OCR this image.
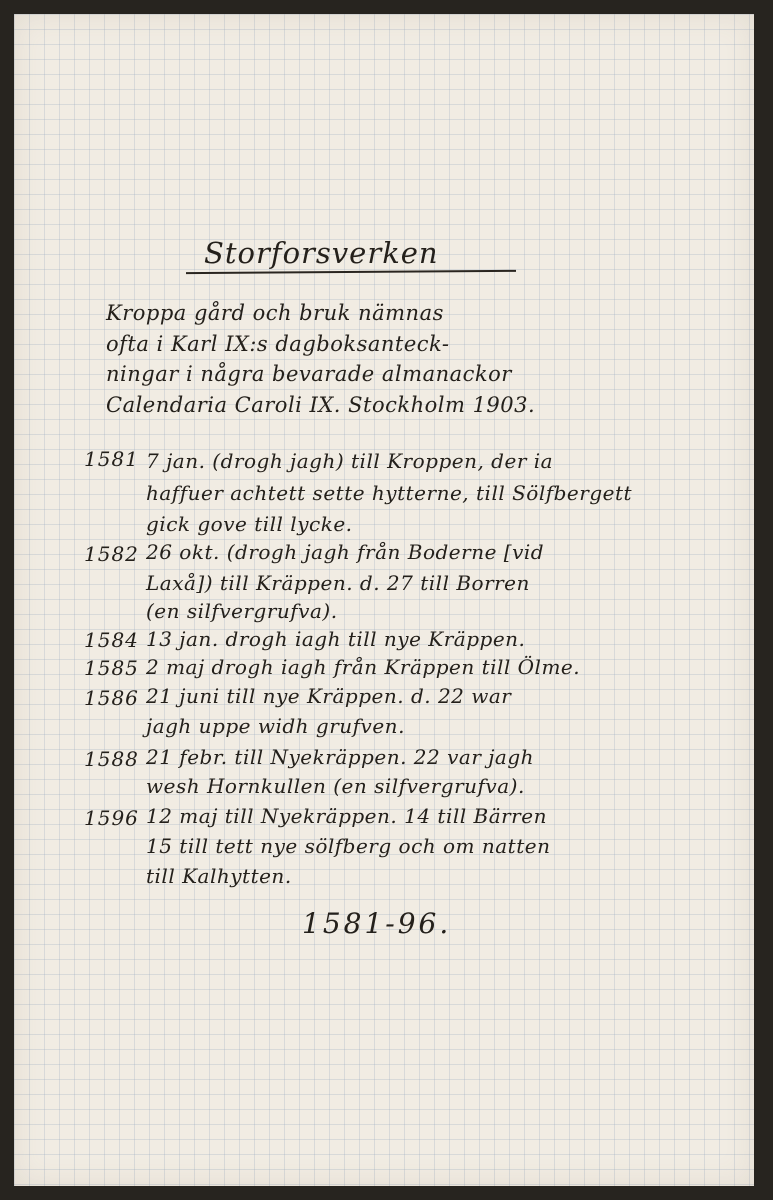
Storforsverken
Kroppa gård och bruk nämnas
ofta i Karl IX:s dagboksanteck-
ningar i några bevarade almanackor
Calendaria Caroli IX. Stockholm 1903.
1581 7 jan. (drogh jagh) till Kroppen, der ia
haffuer achtett sette hytterne, till Sölfbergett
gick gove till lycke.
1582 26 okt. (drogh jagh från Boderne [vid
Laxå]) till Kräppen. d. 27 till Borren
(en silfvergrufva).
1584 13 jan. drogh iagh till nye Kräppen.
1585 2 maj drogh iagh från Kräppen till Ölme.
1586 21 juni till nye Kräppen. d. 22 war
jagh uppe widh grufven.
1588 21 febr. till Nyekräppen. 22 var jagh
wesh Hornkullen (en silfvergrufva).
1596 12 maj till Nyekräppen. 14 till Bärren
15 till tett nye sölfberg och om natten
till Kalhytten.
1581-96.
